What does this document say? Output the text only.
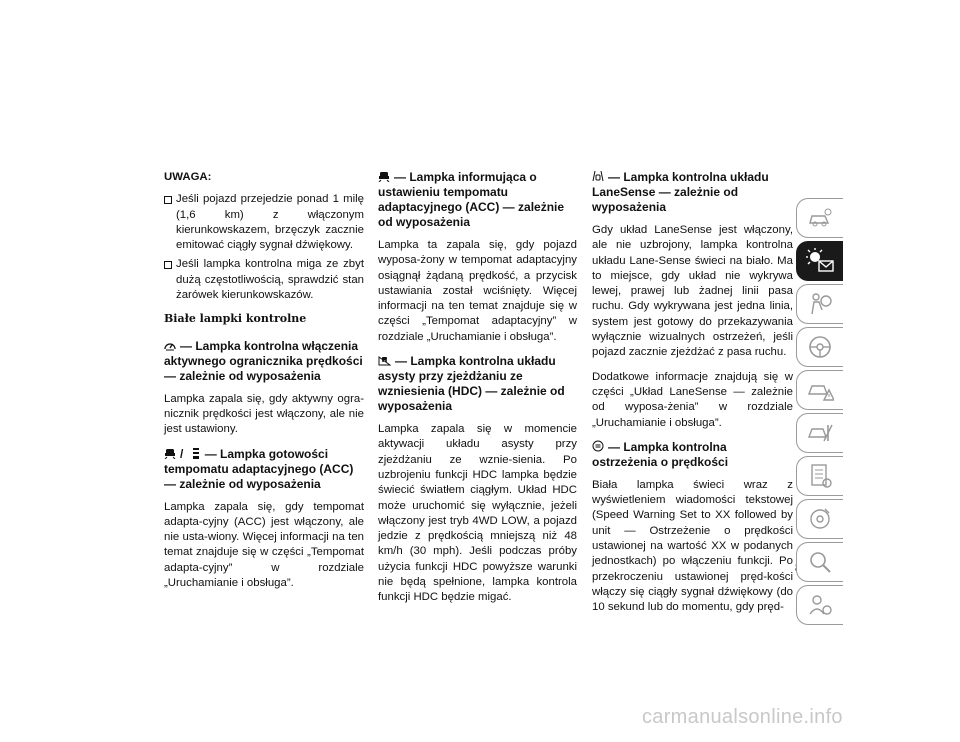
UWAGA:
Jeśli pojazd przejedzie ponad 1 milę (1,6 km) z włączonym kierunkowskazem, brzęczyk zacznie emitować ciągły sygnał dźwiękowy.
Jeśli lampka kontrolna miga ze zbyt dużą częstotliwością, sprawdzić stan żarówek kierunkowskazów.
Białe lampki kontrolne
— Lampka kontrolna włączenia aktywnego ogranicznika prędkości — zależnie od wyposażenia

Lampka zapala się, gdy aktywny ogra-nicznik prędkości jest włączony, ale nie jest ustawiony.

/ — Lampka gotowości tempomatu adaptacyjnego (ACC) — zależnie od wyposażenia

Lampka zapala się, gdy tempomat adapta-cyjny (ACC) jest włączony, ale nie usta-wiony. Więcej informacji na ten temat znajduje się w części „Tempomat adapta-cyjny” w rozdziale „Uruchamianie i obsługa”.

— Lampka informująca o ustawieniu tempomatu adaptacyjnego (ACC) — zależnie od wyposażenia

Lampka ta zapala się, gdy pojazd wyposa-żony w tempomat adaptacyjny osiągnął żądaną prędkość, a przycisk ustawiania został wciśnięty. Więcej informacji na ten temat znajduje się w części „Tempomat adaptacyjny” w rozdziale „Uruchamianie i obsługa”.

— Lampka kontrolna układu asysty przy zjeżdżaniu ze wzniesienia (HDC) — zależnie od wyposażenia

Lampka zapala się w momencie aktywacji układu asysty przy zjeżdżaniu ze wznie-sienia. Po uzbrojeniu funkcji HDC lampka będzie świecić światłem ciągłym. Układ HDC może uruchomić się wyłącznie, jeżeli włączony jest tryb 4WD LOW, a pojazd jedzie z prędkością mniejszą niż 48 km/h (30 mph). Jeśli podczas próby użycia funkcji HDC powyższe warunki nie będą spełnione, lampka kontrola funkcji HDC będzie migać.

— Lampka kontrolna układu LaneSense — zależnie od wyposażenia

Gdy układ LaneSense jest włączony, ale nie uzbrojony, lampka kontrolna układu Lane-Sense świeci na biało. Ma to miejsce, gdy układ nie wykrywa lewej, prawej lub żadnej linii pasa ruchu. Gdy wykrywana jest jedna linia, system jest gotowy do przekazywania wyłącznie wizualnych ostrzeżeń, jeśli pojazd zacznie zjeżdżać z pasa ruchu.

Dodatkowe informacje znajdują się w części „Układ LaneSense — zależnie od wyposa-żenia” w rozdziale „Uruchamianie i obsługa”.

— Lampka kontrolna ostrzeżenia o prędkości

Biała lampka świeci wraz z wyświetleniem wiadomości tekstowej (Speed Warning Set to XX followed by unit — Ostrzeżenie o prędkości ustawionej na wartość XX w podanych jednostkach) po włączeniu funkcji. Po przekroczeniu ustawionej pręd-kości włączy się ciągły sygnał dźwiękowy (do 10 sekund lub do momentu, gdy pręd-

carmanualsonline.info
